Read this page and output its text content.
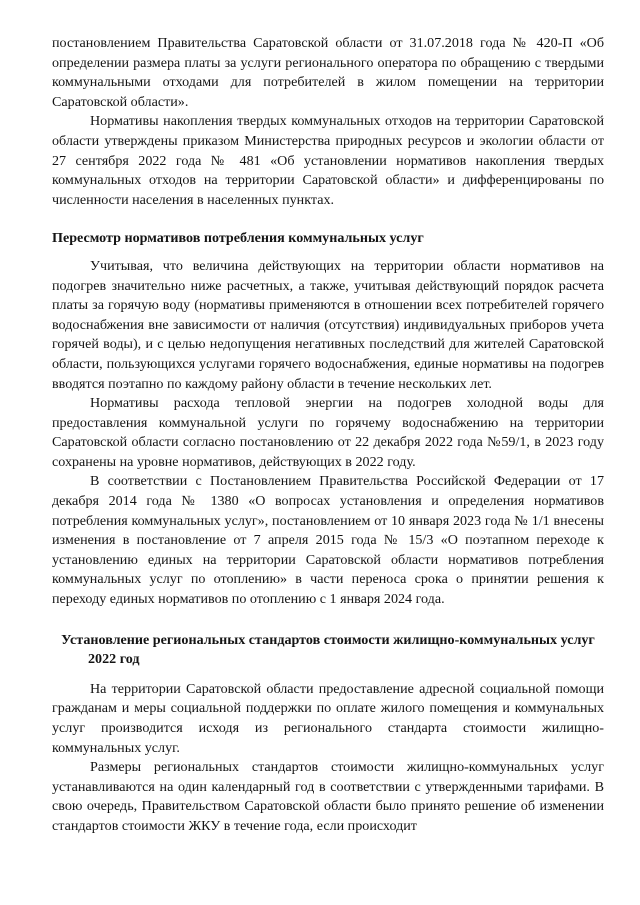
постановлением Правительства Саратовской области от 31.07.2018 года № 420-П «Об определении размера платы за услуги регионального оператора по обращению с твердыми коммунальными отходами для потребителей в жилом помещении на территории Саратовской области».

Нормативы накопления твердых коммунальных отходов на территории Саратовской области утверждены приказом Министерства природных ресурсов и экологии области от 27 сентября 2022 года № 481 «Об установлении нормативов накопления твердых коммунальных отходов на территории Саратовской области» и дифференцированы по численности населения в населенных пунктах.

Пересмотр нормативов потребления коммунальных услуг

Учитывая, что величина действующих на территории области нормативов на подогрев значительно ниже расчетных, а также, учитывая действующий порядок расчета платы за горячую воду (нормативы применяются в отношении всех потребителей горячего водоснабжения вне зависимости от наличия (отсутствия) индивидуальных приборов учета горячей воды), и с целью недопущения негативных последствий для жителей Саратовской области, пользующихся услугами горячего водоснабжения, единые нормативы на подогрев вводятся поэтапно по каждому району области в течение нескольких лет.

Нормативы расхода тепловой энергии на подогрев холодной воды для предоставления коммунальной услуги по горячему водоснабжению на территории Саратовской области согласно постановлению от 22 декабря 2022 года №59/1, в 2023 году сохранены на уровне нормативов, действующих в 2022 году.

В соответствии с Постановлением Правительства Российской Федерации от 17 декабря 2014 года № 1380 «О вопросах установления и определения нормативов потребления коммунальных услуг», постановлением от 10 января 2023 года № 1/1 внесены изменения в постановление от 7 апреля 2015 года № 15/3 «О поэтапном переходе к установлению единых на территории Саратовской области нормативов потребления коммунальных услуг по отоплению» в части переноса срока о принятии решения к переходу единых нормативов по отоплению с 1 января 2024 года.

Установление региональных стандартов стоимости жилищно-коммунальных услуг

2022 год

На территории Саратовской области предоставление адресной социальной помощи гражданам и меры социальной поддержки по оплате жилого помещения и коммунальных услуг производится исходя из регионального стандарта стоимости жилищно-коммунальных услуг.

Размеры региональных стандартов стоимости жилищно-коммунальных услуг устанавливаются на один календарный год в соответствии с утвержденными тарифами. В свою очередь, Правительством Саратовской области было принято решение об изменении стандартов стоимости ЖКУ в течение года, если происходит
